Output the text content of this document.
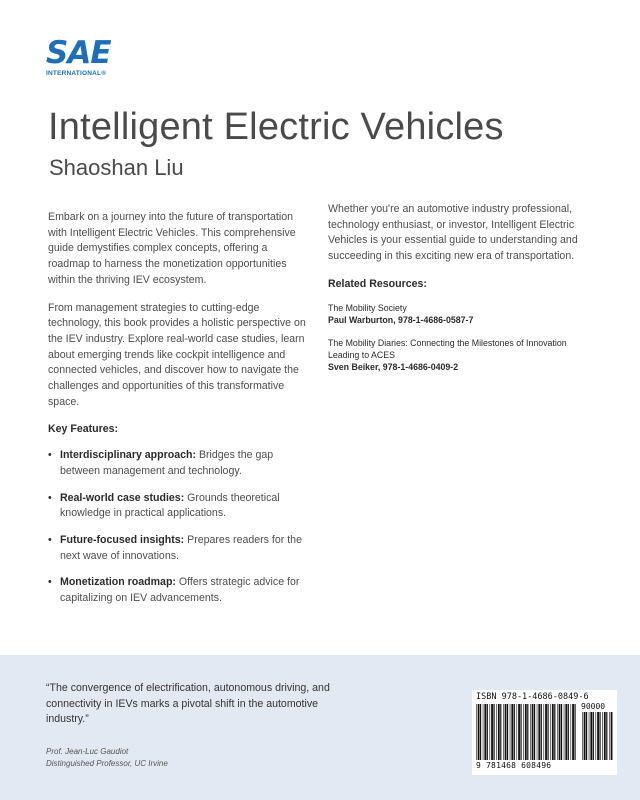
SAE
INTERNATIONAL®
Intelligent Electric Vehicles
Shaoshan Liu

Embark on a journey into the future of transportation with Intelligent Electric Vehicles. This comprehensive guide demystifies complex concepts, offering a roadmap to harness the monetization opportunities within the thriving IEV ecosystem.

From management strategies to cutting-edge technology, this book provides a holistic perspective on the IEV industry. Explore real-world case studies, learn about emerging trends like cockpit intelligence and connected vehicles, and discover how to navigate the challenges and opportunities of this transformative space.

Key Features:
• Interdisciplinary approach: Bridges the gap between management and technology.
• Real-world case studies: Grounds theoretical knowledge in practical applications.
• Future-focused insights: Prepares readers for the next wave of innovations.
• Monetization roadmap: Offers strategic advice for capitalizing on IEV advancements.

Whether you're an automotive industry professional, technology enthusiast, or investor, Intelligent Electric Vehicles is your essential guide to understanding and succeeding in this exciting new era of transportation.

Related Resources:
The Mobility Society
Paul Warburton, 978-1-4686-0587-7
The Mobility Diaries: Connecting the Milestones of Innovation Leading to ACES
Sven Beiker, 978-1-4686-0409-2
“The convergence of electrification, autonomous driving, and connectivity in IEVs marks a pivotal shift in the automotive industry.”
Prof. Jean-Luc Gaudiot
Distinguished Professor, UC Irvine
ISBN 978-1-4686-0849-6
90000
9 781468 608496
